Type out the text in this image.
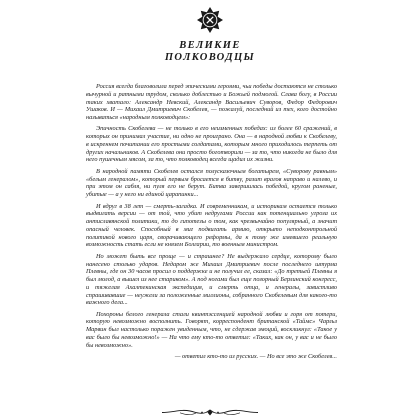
ВЕЛИКИЕ
ПОЛКОВОДЦЫ

Россия всегда благоволила перед эпическими героями, чьи победы достаются не столько вычурной и ратными трудом, сколько доблестью и Божьей подмогой. Слава богу, в России таких хватало: Александр Невский, Александр Васильевич Суворов, Федор Федорович Ушаков. И — Михаил Дмитриевич Скобелев, — пожалуй, последний из тех, кого достойно называться «народным полководцем»:

Эпичность Скобелева — не только в его неизменных победах: из более 60 сражений, в которых он принимал участие, ни одно не проиграно. Она — в народной любви к Скобелеву, в искреннем почитании его простыми солдатами, которым много приходилось терпеть от других начальников. А Скобелева они просто боготворили — за то, что никогда не было для него пушечным мясом, за то, что полководец всегда щадил их жизни.

В народной памяти Скобелев остался полусказочным богатырем, «Суворову равным» «белым генералом», который первым бросается в битву, разит врагов направо и налево, и при этом он сабля, ни пуля его не берут. Битва завершилась победой, кругом раненые, убитые — а у него ни единой царапинки...

И вдруг в 38 лет — смерть-загадка. И современникам, и историкам остается только выдвигать версии — от той, что убит недругами России как потенциально угроза их антиславянской политики, то до гипотезы о том, как чрезвычайно популярный, а значит опасный человек. Способный в миг подвигать армию, открыто неподконтрольной политикой нового царя, сворачивающего реформы, да к тому же имевшего реальную возможность стать если не князем Болгарии, то военным министром.

Но может быть все проще — и страшнее? Не выдержало сердце, которому было нанесено столько ударов. Недаром же Михаил Дмитриевич после последнего штурма Плевны, где он 30 часов просил о поддержке и не получил ее, сказал: «До третьей Плевны я был молод, а вышел из нее стариком». А под ногами был еще позорный Берлинский конгресс, и тяжелая Ахалтекинская экспедиция, и смерть отца, и генералы, завистливо спрашивавшие — неужели за положенные миллионы, собранного Скобелевым для какого-то важного дела...

Похороны белого генерала стали квинтэссенцией народной любви и горя от потери, которую невозможно восполнить. Говорят, корреспондент британской «Таймс» Чарльз Марвин был настолько поражен увиденным, что, не сдержав эмоций, воскликнул: «Такое у вас было бы невозможно!» — На что ему кто-то ответил: «Таких, как он, у вас и не было бы невозможно».

— ответил кто-то из русских. — Но все это же Скобелев...
